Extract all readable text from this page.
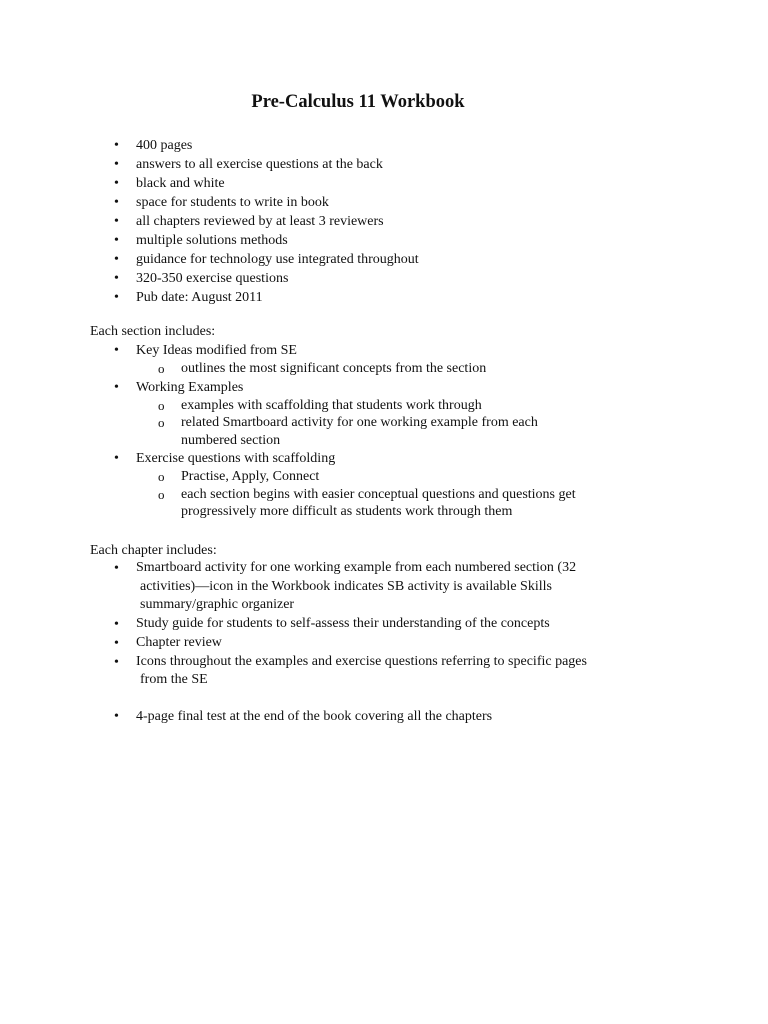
Pre-Calculus 11 Workbook
• 400 pages
• answers to all exercise questions at the back
• black and white
• space for students to write in book
• all chapters reviewed by at least 3 reviewers
• multiple solutions methods
• guidance for technology use integrated throughout
• 320-350 exercise questions
• Pub date: August 2011
Each section includes:
• Key Ideas modified from SE
o outlines the most significant concepts from the section
• Working Examples
o examples with scaffolding that students work through
o related Smartboard activity for one working example from each numbered section
• Exercise questions with scaffolding
o Practise, Apply, Connect
o each section begins with easier conceptual questions and questions get progressively more difficult as students work through them
Each chapter includes:
• Smartboard activity for one working example from each numbered section (32
activities)—icon in the Workbook indicates SB activity is available Skills
summary/graphic organizer
• Study guide for students to self-assess their understanding of the concepts
• Chapter review
• Icons throughout the examples and exercise questions referring to specific pages
from the SE
• 4-page final test at the end of the book covering all the chapters
